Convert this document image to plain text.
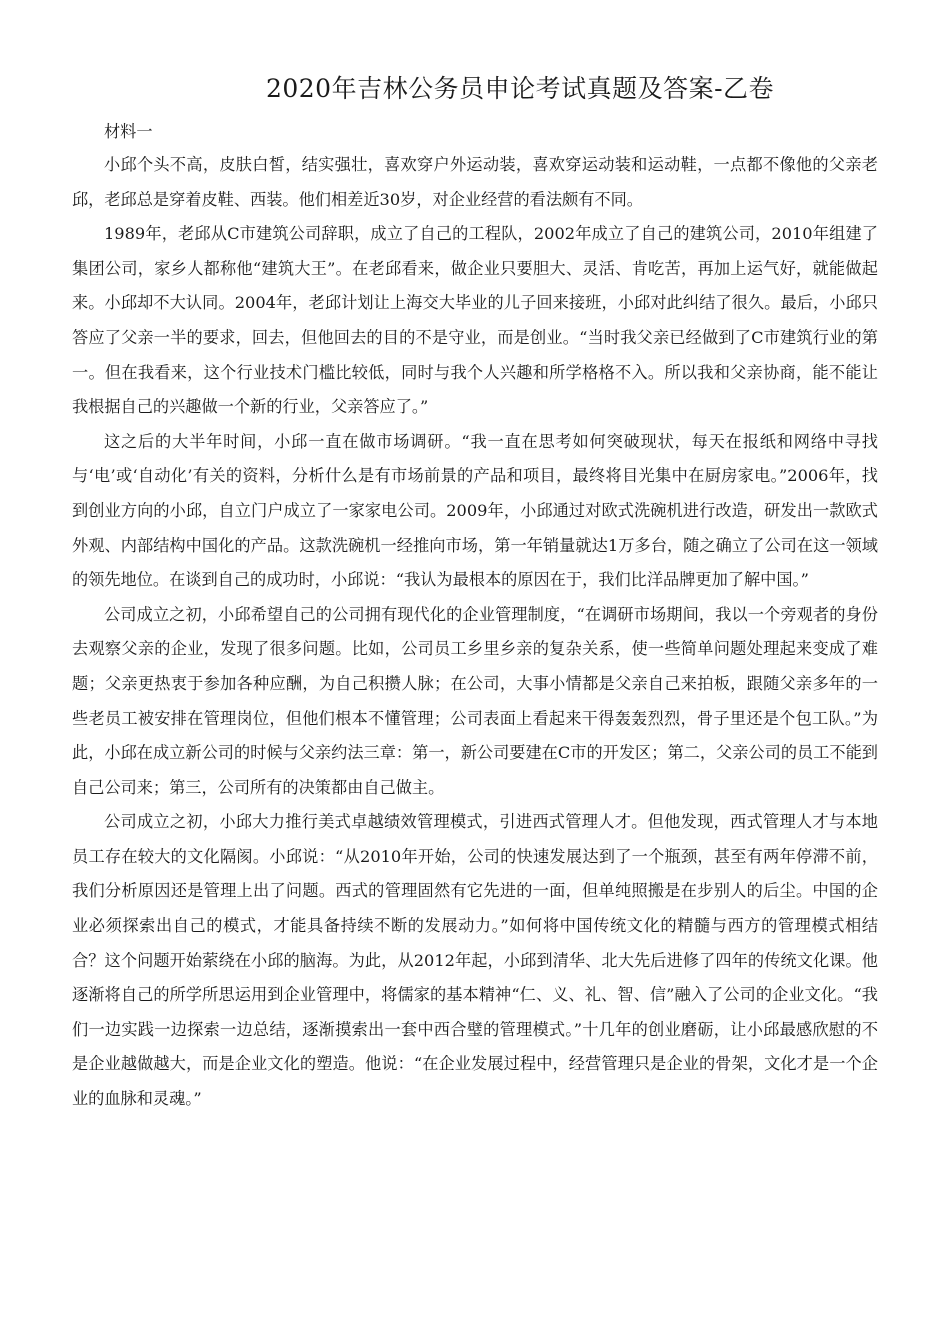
2020年吉林公务员申论考试真题及答案-乙卷

材料一

小邱个头不高，皮肤白皙，结实强壮，喜欢穿户外运动装，喜欢穿运动装和运动鞋，一点都不像他的父亲老邱，老邱总是穿着皮鞋、西装。他们相差近30岁，对企业经营的看法颇有不同。

1989年，老邱从C市建筑公司辞职，成立了自己的工程队，2002年成立了自己的建筑公司，2010年组建了集团公司，家乡人都称他“建筑大王”。在老邱看来，做企业只要胆大、灵活、肯吃苦，再加上运气好，就能做起来。小邱却不大认同。2004年，老邱计划让上海交大毕业的儿子回来接班，小邱对此纠结了很久。最后，小邱只答应了父亲一半的要求，回去，但他回去的目的不是守业，而是创业。“当时我父亲已经做到了C市建筑行业的第一。但在我看来，这个行业技术门槛比较低，同时与我个人兴趣和所学格格不入。所以我和父亲协商，能不能让我根据自己的兴趣做一个新的行业，父亲答应了。”

这之后的大半年时间，小邱一直在做市场调研。“我一直在思考如何突破现状，每天在报纸和网络中寻找与‘电’或‘自动化’有关的资料，分析什么是有市场前景的产品和项目，最终将目光集中在厨房家电。”2006年，找到创业方向的小邱，自立门户成立了一家家电公司。2009年，小邱通过对欧式洗碗机进行改造，研发出一款欧式外观、内部结构中国化的产品。这款洗碗机一经推向市场，第一年销量就达1万多台，随之确立了公司在这一领域的领先地位。在谈到自己的成功时，小邱说：“我认为最根本的原因在于，我们比洋品牌更加了解中国。”

公司成立之初，小邱希望自己的公司拥有现代化的企业管理制度，“在调研市场期间，我以一个旁观者的身份去观察父亲的企业，发现了很多问题。比如，公司员工乡里乡亲的复杂关系，使一些简单问题处理起来变成了难题；父亲更热衷于参加各种应酬，为自己积攒人脉；在公司，大事小情都是父亲自己来拍板，跟随父亲多年的一些老员工被安排在管理岗位，但他们根本不懂管理；公司表面上看起来干得轰轰烈烈，骨子里还是个包工队。”为此，小邱在成立新公司的时候与父亲约法三章：第一，新公司要建在C市的开发区；第二，父亲公司的员工不能到自己公司来；第三，公司所有的决策都由自己做主。

公司成立之初，小邱大力推行美式卓越绩效管理模式，引进西式管理人才。但他发现，西式管理人才与本地员工存在较大的文化隔阂。小邱说：“从2010年开始，公司的快速发展达到了一个瓶颈，甚至有两年停滞不前，我们分析原因还是管理上出了问题。西式的管理固然有它先进的一面，但单纯照搬是在步别人的后尘。中国的企业必须探索出自己的模式，才能具备持续不断的发展动力。”如何将中国传统文化的精髓与西方的管理模式相结合？这个问题开始萦绕在小邱的脑海。为此，从2012年起，小邱到清华、北大先后进修了四年的传统文化课。他逐渐将自己的所学所思运用到企业管理中，将儒家的基本精神“仁、义、礼、智、信”融入了公司的企业文化。“我们一边实践一边探索一边总结，逐渐摸索出一套中西合璧的管理模式。”十几年的创业磨砺，让小邱最感欣慰的不是企业越做越大，而是企业文化的塑造。他说：“在企业发展过程中，经营管理只是企业的骨架，文化才是一个企业的血脉和灵魂。”
